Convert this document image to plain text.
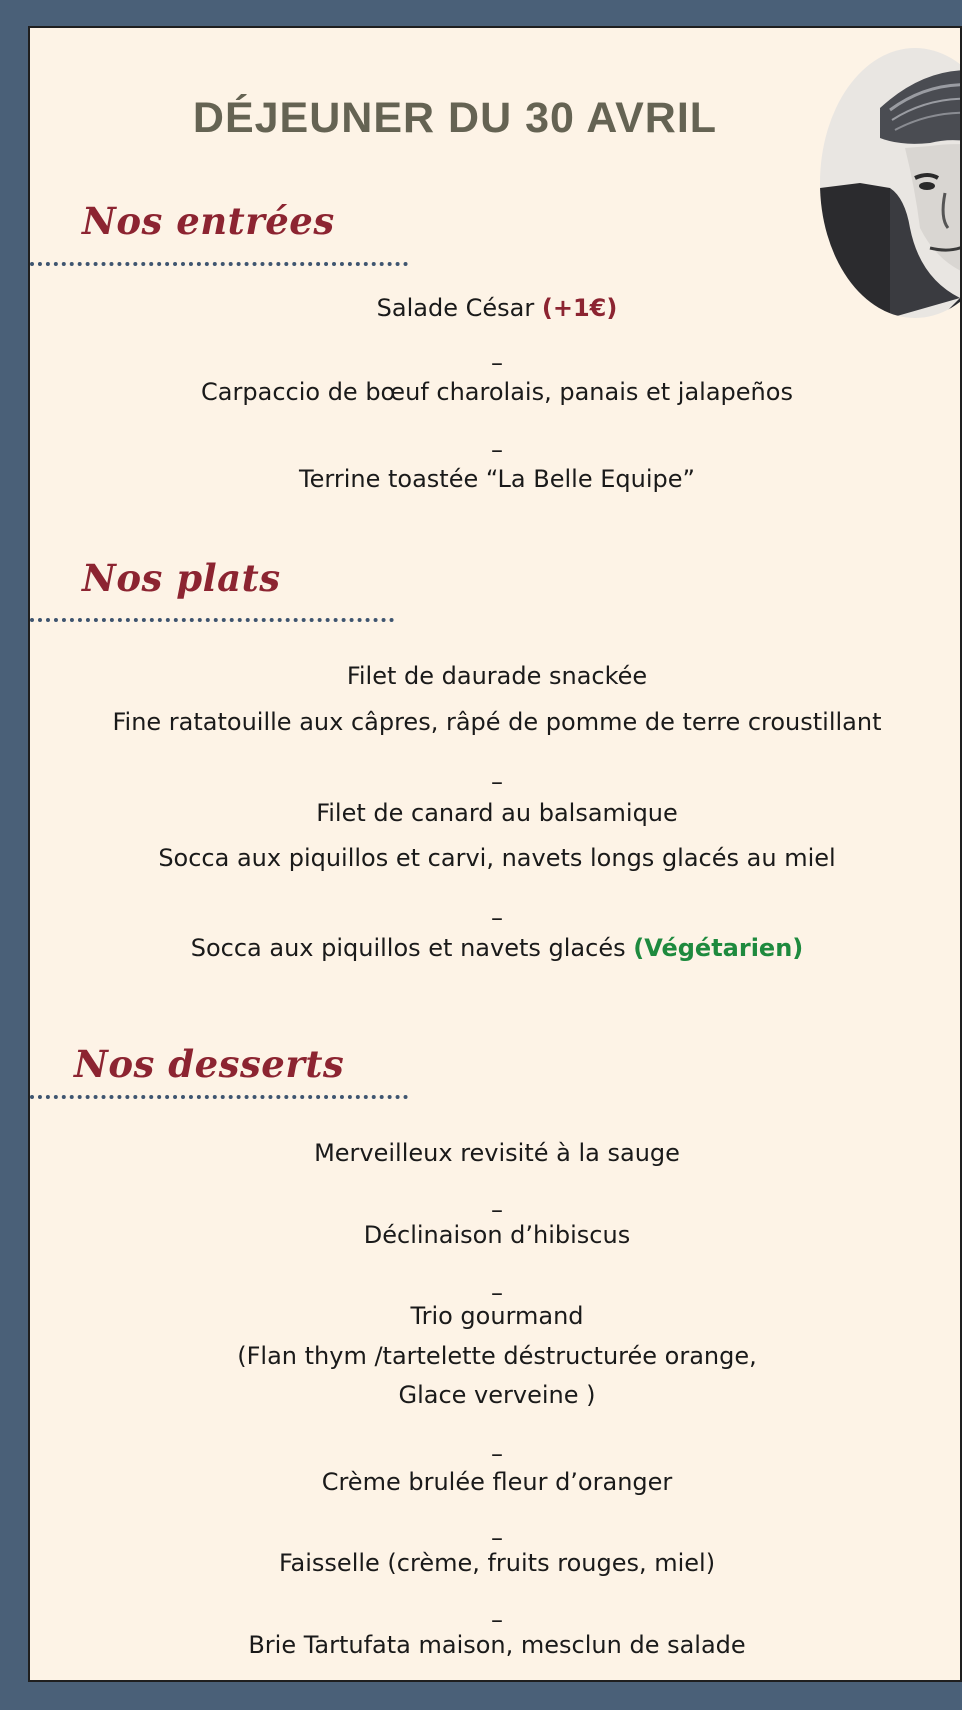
DÉJEUNER DU 30 AVRIL
Nos entrées
Salade César (+1€)
–
Carpaccio de bœuf charolais, panais et jalapeños
–
Terrine toastée “La Belle Equipe”
Nos plats
Filet de daurade snackée
Fine ratatouille aux câpres, râpé de pomme de terre croustillant
–
Filet de canard au balsamique
Socca aux piquillos et carvi, navets longs glacés au miel
–
Socca aux piquillos et navets glacés (Végétarien)
Nos desserts
Merveilleux revisité à la sauge
–
Déclinaison d’hibiscus
–
Trio gourmand
(Flan thym /tartelette déstructurée orange,
Glace verveine )
–
Crème brulée fleur d’oranger
–
Faisselle (crème, fruits rouges, miel)
–
Brie Tartufata maison, mesclun de salade
